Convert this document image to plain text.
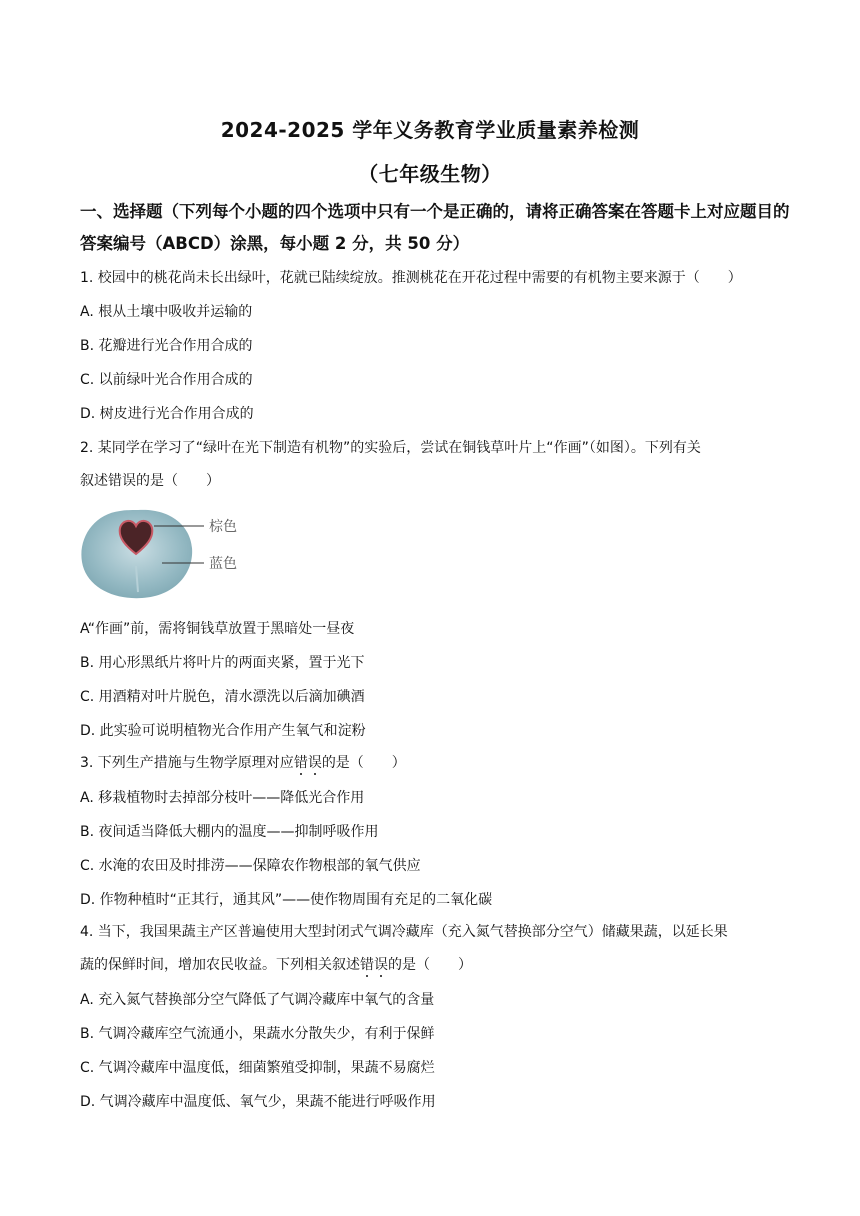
2024-2025 学年义务教育学业质量素养检测
（七年级生物）
一、选择题（下列每个小题的四个选项中只有一个是正确的，请将正确答案在答题卡上对应题目的答案编号（ABCD）涂黑，每小题 2 分，共 50 分）
1. 校园中的桃花尚未长出绿叶，花就已陆续绽放。推测桃花在开花过程中需要的有机物主要来源于（　　）
A. 根从土壤中吸收并运输的
B. 花瓣进行光合作用合成的
C. 以前绿叶光合作用合成的
D. 树皮进行光合作用合成的
2. 某同学在学习了“绿叶在光下制造有机物”的实验后，尝试在铜钱草叶片上“作画”（如图）。下列有关
叙述错误的是（　　）
棕色
蓝色
A“作画”前，需将铜钱草放置于黑暗处一昼夜
B. 用心形黑纸片将叶片的两面夹紧，置于光下
C. 用酒精对叶片脱色，清水漂洗以后滴加碘酒
D. 此实验可说明植物光合作用产生氧气和淀粉
3. 下列生产措施与生物学原理对应错误的是（　　）
A. 移栽植物时去掉部分枝叶——降低光合作用
B. 夜间适当降低大棚内的温度——抑制呼吸作用
C. 水淹的农田及时排涝——保障农作物根部的氧气供应
D. 作物种植时“正其行，通其风”——使作物周围有充足的二氧化碳
4. 当下，我国果蔬主产区普遍使用大型封闭式气调冷藏库（充入氮气替换部分空气）储藏果蔬，以延长果
蔬的保鲜时间，增加农民收益。下列相关叙述错误的是（　　）
A. 充入氮气替换部分空气降低了气调冷藏库中氧气的含量
B. 气调冷藏库空气流通小，果蔬水分散失少，有利于保鲜
C. 气调冷藏库中温度低，细菌繁殖受抑制，果蔬不易腐烂
D. 气调冷藏库中温度低、氧气少，果蔬不能进行呼吸作用
